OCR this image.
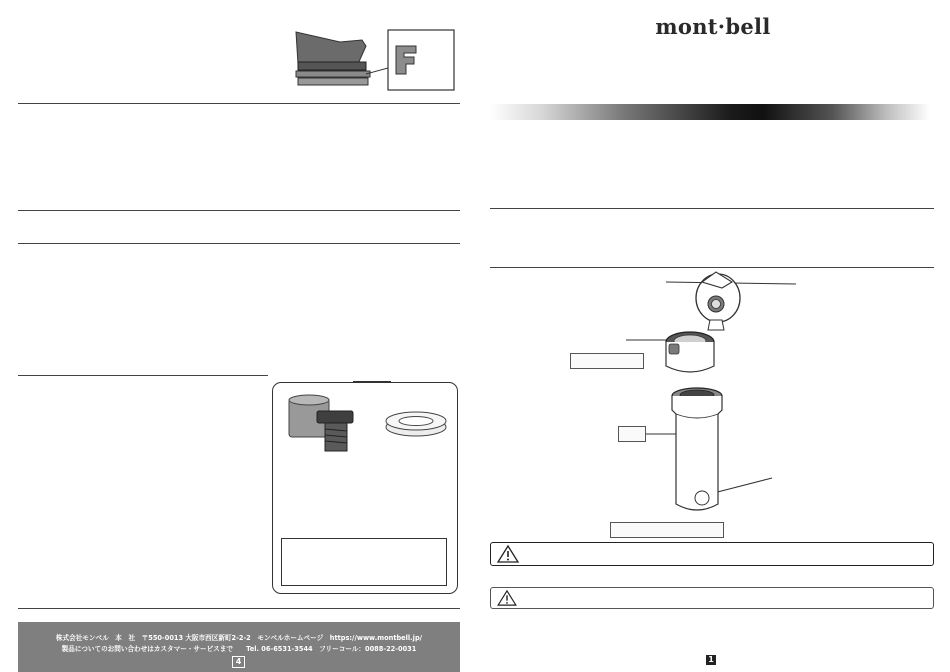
株式会社モンベル　本　社　〒550-0013 大阪市西区新町2-2-2　モンベルホームページ　https://www.montbell.jp/
製品についてのお問い合わせはカスタマー・サービスまで　　Tel. 06-6531-3544　フリーコール：0088-22-0031
4
mont·bell
1
